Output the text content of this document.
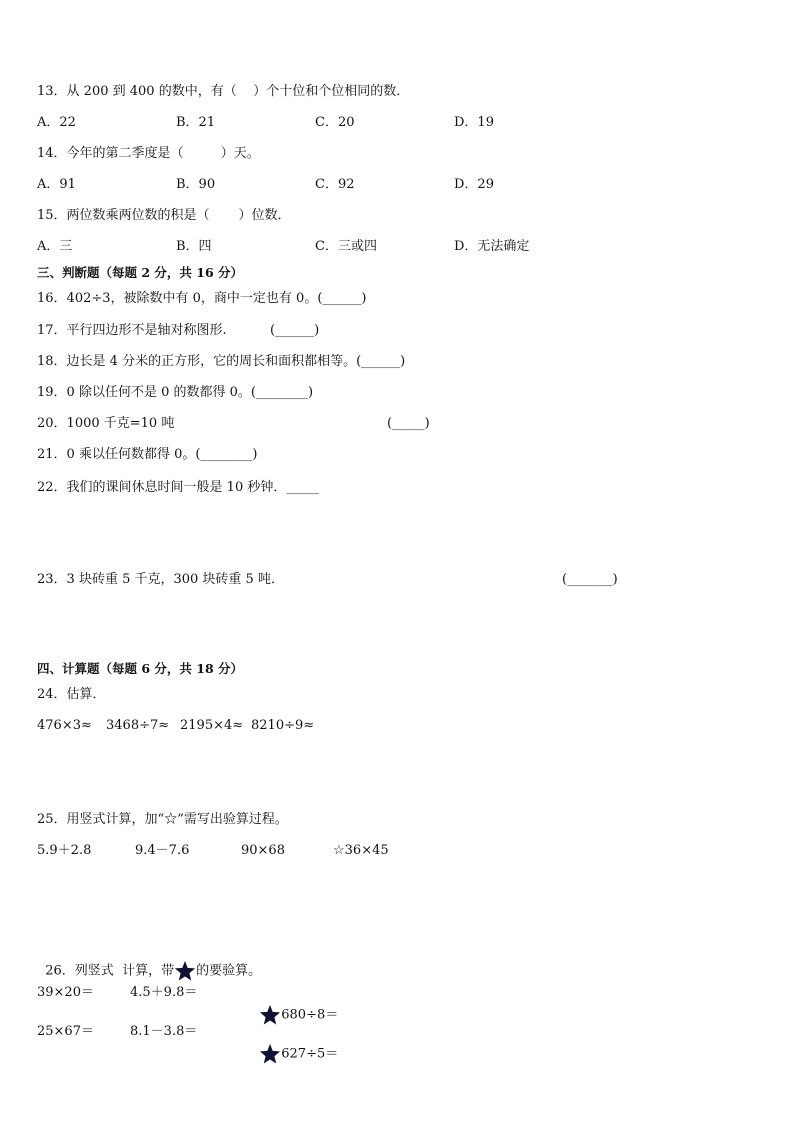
13．从 200 到 400 的数中，有（    ）个十位和个位相同的数．
A．22	B．21	C．20	D．19
14．今年的第二季度是（         ）天。
A．91	B．90	C．92	D．29
15．两位数乘两位数的积是（       ）位数．
A．三	B．四	C．三或四	D．无法确定
三、判断题（每题 2 分，共 16 分）
16．402÷3，被除数中有 0，商中一定也有 0。(______)
17．平行四边形不是轴对称图形.	(______)
18．边长是 4 分米的正方形，它的周长和面积都相等。(______)
19．0 除以任何不是 0 的数都得 0。(________)
20．1000 千克=10 吨	(_____)
21．0 乘以任何数都得 0。(________)
22．我们的课间休息时间一般是 10 秒钟．_____
23．3 块砖重 5 千克，300 块砖重 5 吨．	(_______)
四、计算题（每题 6 分，共 18 分）
24．估算．
476×3≈ 3468÷7≈ 2195×4≈ 8210÷9≈
25．用竖式计算，加“☆”需写出验算过程。
5.9＋2.8	9.4－7.6	90×68	☆36×45

26．列竖式  计算，带 的要验算。

39×20＝	4.5＋9.8＝

680÷8＝

25×67＝	8.1－3.8＝

627÷5＝
